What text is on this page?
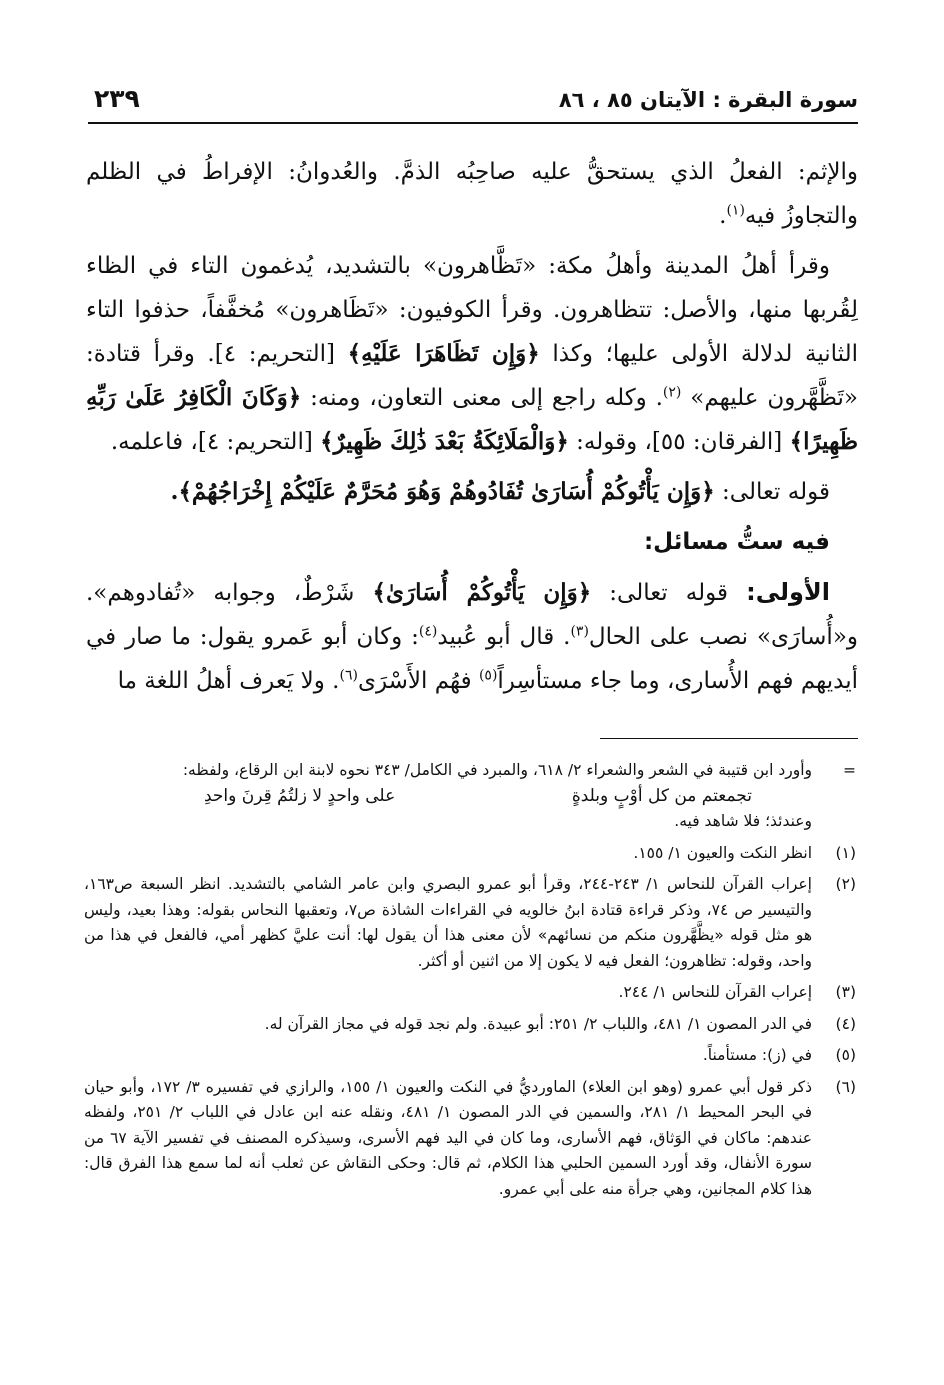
سورة البقرة : الآيتان ٨٥ ، ٨٦
٢٣٩

والإثم: الفعلُ الذي يستحقُّ عليه صاحِبُه الذمَّ. والعُدوانُ: الإفراطُ في الظلم والتجاوزُ فيه$^{(١)}$.

وقرأ أهلُ المدينة وأهلُ مكة: «تَظَّاهرون» بالتشديد، يُدغمون التاء في الظاء لِقُربها منها، والأصل: تتظاهرون. وقرأ الكوفيون: «تَظَاهرون» مُخفَّفاً، حذفوا التاء الثانية لدلالة الأولى عليها؛ وكذا ﴿وَإِن تَظَاهَرَا عَلَيْهِ﴾ [التحريم: ٤]. وقرأ قتادة: «تَظَّهَّرون عليهم» $^{(٢)}$. وكله راجع إلى معنى التعاون، ومنه: ﴿وَكَانَ الْكَافِرُ عَلَىٰ رَبِّهِ ظَهِيرًا﴾ [الفرقان: ٥٥]، وقوله: ﴿وَالْمَلَائِكَةُ بَعْدَ ذَٰلِكَ ظَهِيرٌ﴾ [التحريم: ٤]، فاعلمه.

قوله تعالى: ﴿وَإِن يَأْتُوكُمْ أُسَارَىٰ تُفَادُوهُمْ وَهُوَ مُحَرَّمٌ عَلَيْكُمْ إِخْرَاجُهُمْ﴾.

فيه ستُّ مسائل:

الأولى: قوله تعالى: ﴿وَإِن يَأْتُوكُمْ أُسَارَىٰ﴾ شَرْطٌ، وجوابه «تُفادوهم». و«أُسارَى» نصب على الحال$^{(٣)}$. قال أبو عُبيد$^{(٤)}$: وكان أبو عَمرو يقول: ما صار في أيديهم فهم الأُسارى، وما جاء مستأسِراً$^{(٥)}$ فهُم الأَسْرَى$^{(٦)}$. ولا يَعرف أهلُ اللغة ما

=
وأورد ابن قتيبة في الشعر والشعراء ٢/ ٦١٨، والمبرد في الكامل/ ٣٤٣ نحوه لابنة ابن الرقاع، ولفظه:
تجمعتم من كل أوْبٍ وبلدةٍ
على واحدٍ لا زلتُمُ قِرنَ واحدِ
وعندئذ؛ فلا شاهد فيه.
(١)
انظر النكت والعيون ١/ ١٥٥.
(٢)
إعراب القرآن للنحاس ١/ ٢٤٣-٢٤٤، وقرأ أبو عمرو البصري وابن عامر الشامي بالتشديد. انظر السبعة ص١٦٣، والتيسير ص ٧٤، وذكر قراءة قتادة ابنُ خالويه في القراءات الشاذة ص٧، وتعقبها النحاس بقوله: وهذا بعيد، وليس هو مثل قوله «يظَّهَّرون منكم من نسائهم» لأن معنى هذا أن يقول لها: أنت عليَّ كظهر أمي، فالفعل في هذا من واحد، وقوله: تظاهرون؛ الفعل فيه لا يكون إلا من اثنين أو أكثر.
(٣)
إعراب القرآن للنحاس ١/ ٢٤٤.
(٤)
في الدر المصون ١/ ٤٨١، واللباب ٢/ ٢٥١: أبو عبيدة. ولم نجد قوله في مجاز القرآن له.
(٥)
في (ز): مستأمناً.
(٦)
ذكر قول أبي عمرو (وهو ابن العلاء) الماورديُّ في النكت والعيون ١/ ١٥٥، والرازي في تفسيره ٣/ ١٧٢، وأبو حيان في البحر المحيط ١/ ٢٨١، والسمين في الدر المصون ١/ ٤٨١، ونقله عنه ابن عادل في اللباب ٢/ ٢٥١، ولفظه عندهم: ماكان في الوَثاق، فهم الأسارى، وما كان في اليد فهم الأسرى، وسيذكره المصنف في تفسير الآية ٦٧ من سورة الأنفال، وقد أورد السمين الحلبي هذا الكلام، ثم قال: وحكى النقاش عن ثعلب أنه لما سمع هذا الفرق قال: هذا كلام المجانين، وهي جرأة منه على أبي عمرو.
